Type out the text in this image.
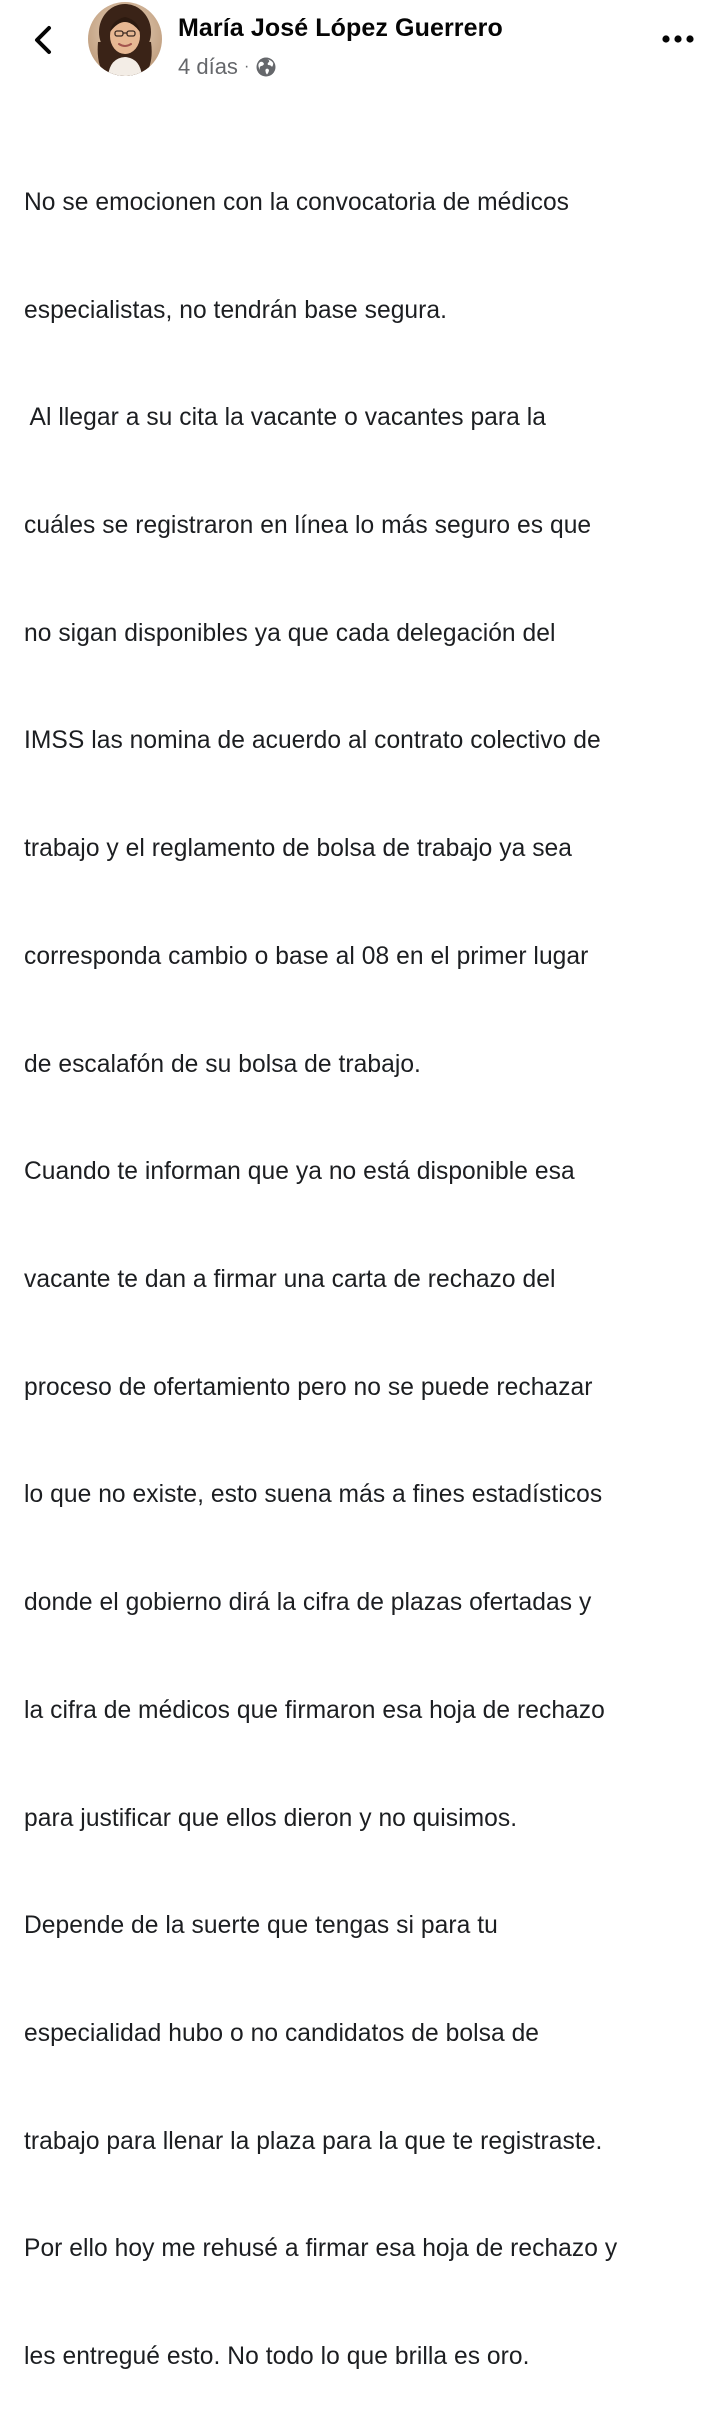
María José López Guerrero
4 días ·

No se emocionen con la convocatoria de médicos

especialistas, no tendrán base segura.

Al llegar a su cita la vacante o vacantes para la

cuáles se registraron en línea lo más seguro es que

no sigan disponibles ya que cada delegación del

IMSS las nomina de acuerdo al contrato colectivo de

trabajo y el reglamento de bolsa de trabajo ya sea

corresponda cambio o base al 08 en el primer lugar

de escalafón de su bolsa de trabajo.

Cuando te informan que ya no está disponible esa

vacante te dan a firmar una carta de rechazo del

proceso de ofertamiento pero no se puede rechazar

lo que no existe, esto suena más a fines estadísticos

donde el gobierno dirá la cifra de plazas ofertadas y

la cifra de médicos que firmaron esa hoja de rechazo

para justificar que ellos dieron y no quisimos.

Depende de la suerte que tengas si para tu

especialidad hubo o no candidatos de bolsa de

trabajo para llenar la plaza para la que te registraste.

Por ello hoy me rehusé a firmar esa hoja de rechazo y

les entregué esto. No todo lo que brilla es oro.
